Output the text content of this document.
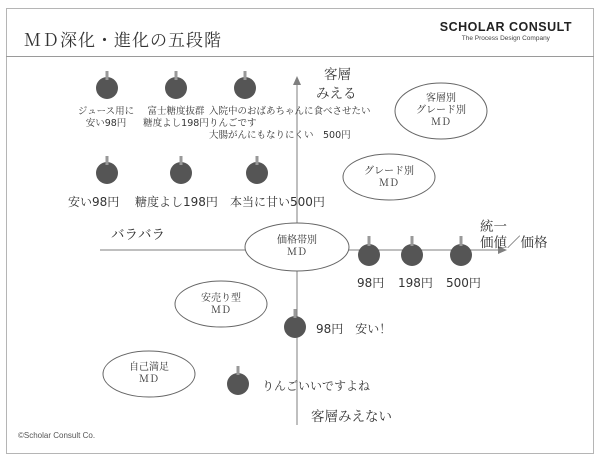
ＭＤ深化・進化の五段階
SCHOLAR CONSULT
The Process Design Company
客層
みえる
客層みえない
バラバラ	統一
価値／価格
客層別
グレード別
ＭＤ
グレード別
ＭＤ
価格帯別
ＭＤ
安売り型
ＭＤ
自己満足
ＭＤ
ジュース用に
安い98円
富士糖度抜群
糖度よし198円
入院中のおばあちゃんに食べさせたい
りんごです
大腸がんにもなりにくい　500円
安い98円 糖度よし198円 本当に甘い500円
98円 198円 500円
98円　安い！
りんごいいですよね
©Scholar Consult Co.
